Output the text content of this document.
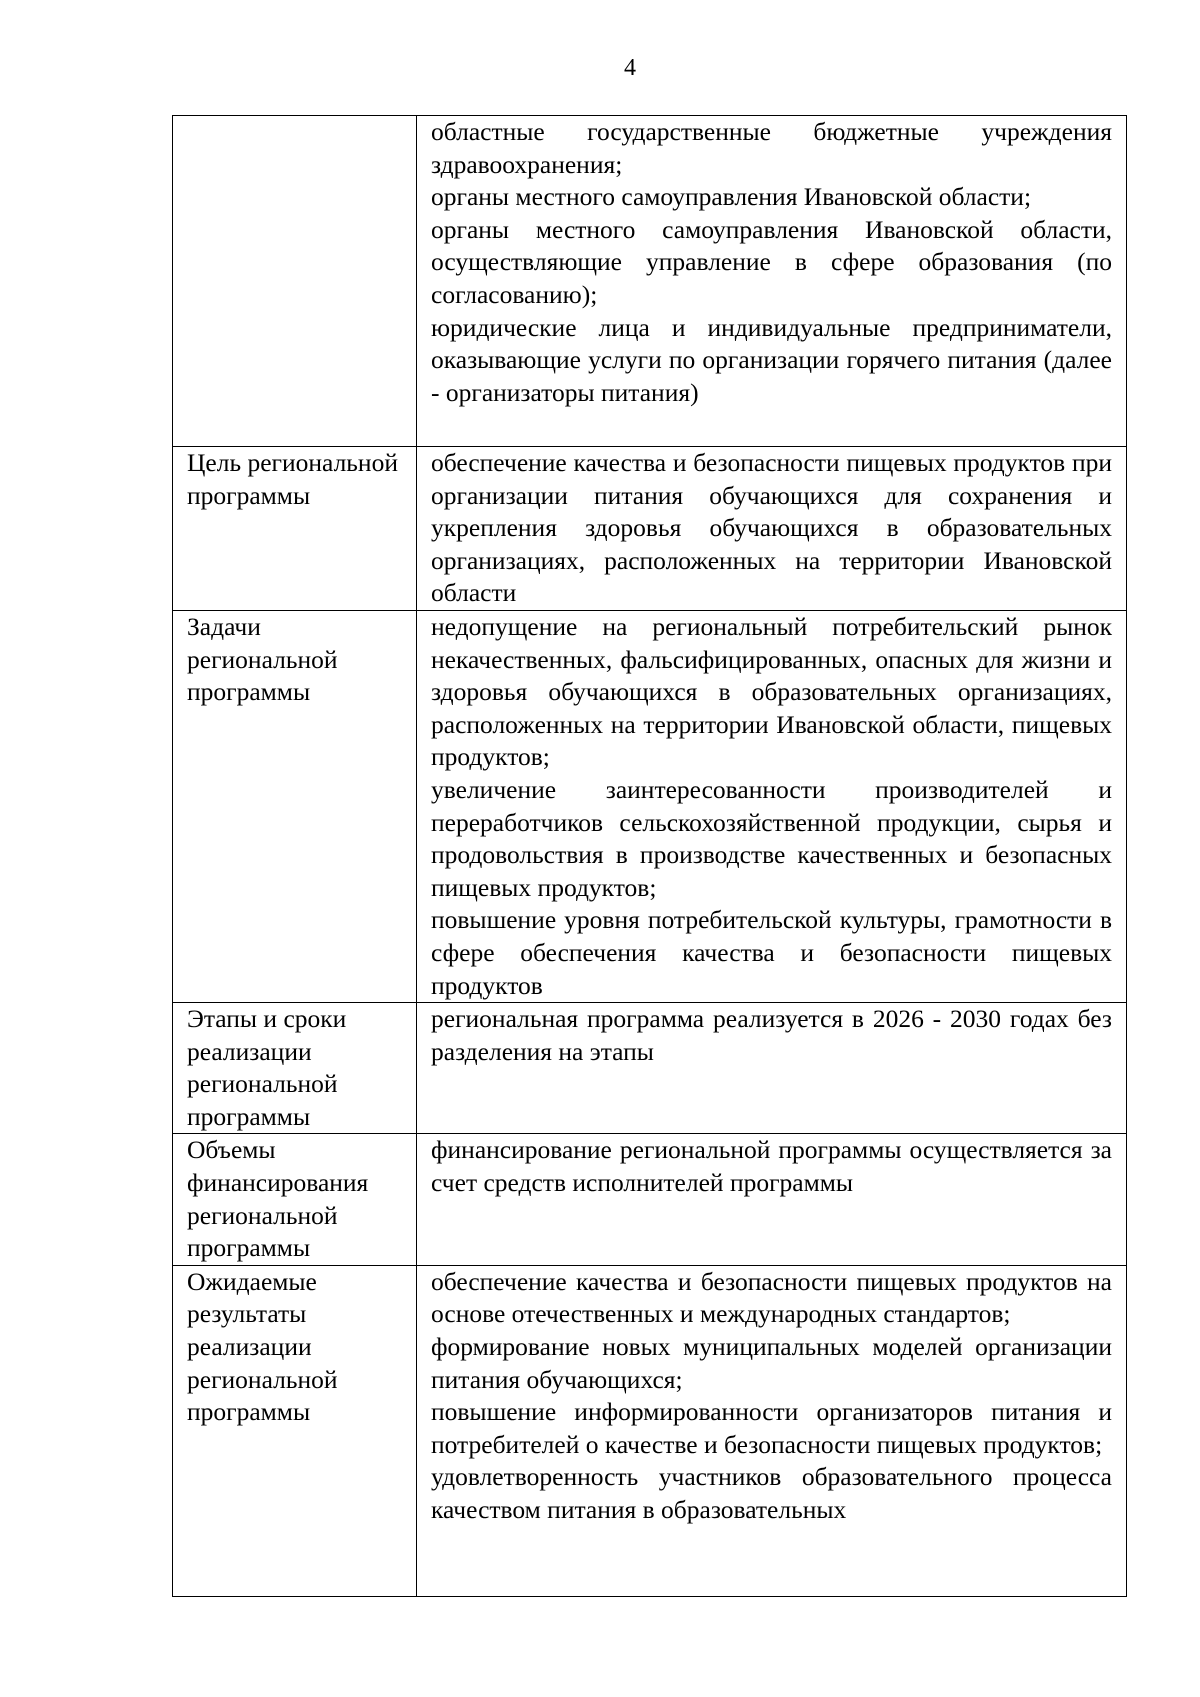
4

	областные государственные бюджетные учреждения здравоохранения;
органы местного самоуправления Ивановской области;
органы местного самоуправления Ивановской области, осуществляющие управление в сфере образования (по согласованию);
юридические лица и индивидуальные предприниматели, оказывающие услуги по организации горячего питания (далее - организаторы питания)

Цель региональной программы	обеспечение качества и безопасности пищевых продуктов при организации питания обучающихся для сохранения и укрепления здоровья обучающихся в образовательных организациях, расположенных на территории Ивановской области

Задачи региональной программы	недопущение на региональный потребительский рынок некачественных, фальсифицированных, опасных для жизни и здоровья обучающихся в образовательных организациях, расположенных на территории Ивановской области, пищевых продуктов;
увеличение заинтересованности производителей и переработчиков сельскохозяйственной продукции, сырья и продовольствия в производстве качественных и безопасных пищевых продуктов;
повышение уровня потребительской культуры, грамотности в сфере обеспечения качества и безопасности пищевых продуктов

Этапы и сроки реализации региональной программы	региональная программа реализуется в 2026 - 2030 годах без разделения на этапы

Объемы финансирования региональной программы	финансирование региональной программы осуществляется за счет средств исполнителей программы

Ожидаемые результаты реализации региональной программы	обеспечение качества и безопасности пищевых продуктов на основе отечественных и международных стандартов;
формирование новых муниципальных моделей организации питания обучающихся;
повышение информированности организаторов питания и потребителей о качестве и безопасности пищевых продуктов;
удовлетворенность участников образовательного процесса качеством питания в образовательных
